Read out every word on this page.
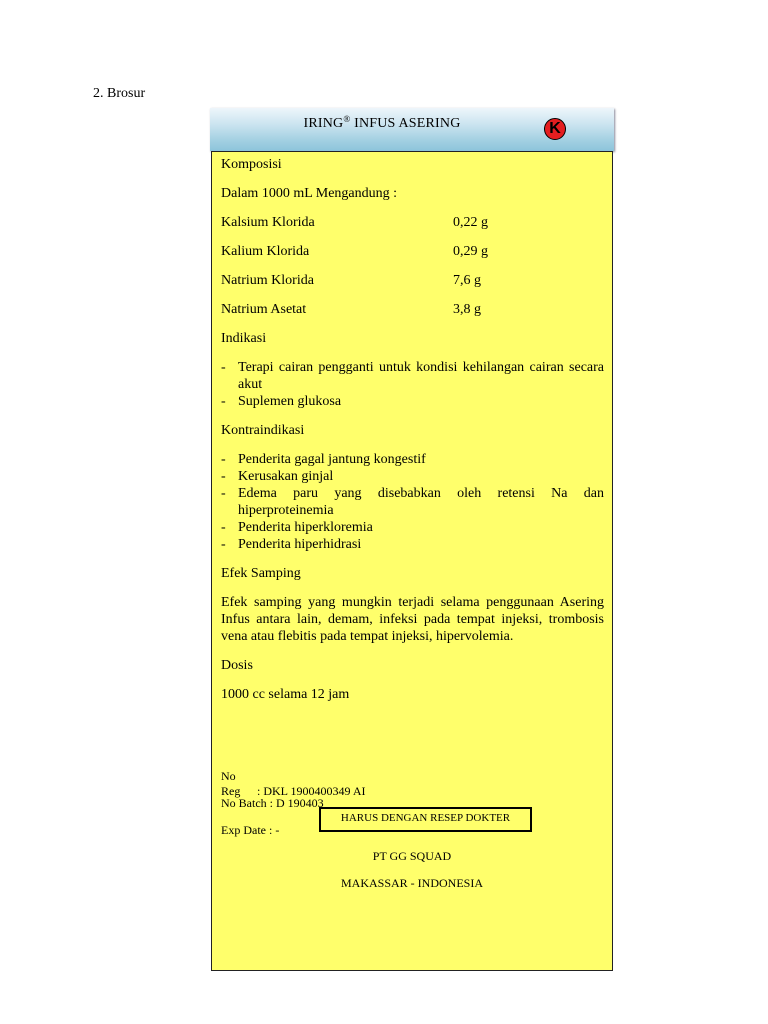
2. Brosur
IRING® INFUS ASERING	K

Komposisi

Dalam 1000 mL Mengandung :

Kalsium Klorida	0,22 g
Kalium Klorida	0,29 g
Natrium Klorida	7,6 g
Natrium Asetat	3,8 g

Indikasi

- Terapi cairan pengganti untuk kondisi kehilangan cairan secara akut
- Suplemen glukosa

Kontraindikasi

- Penderita gagal jantung kongestif
- Kerusakan ginjal
- Edema paru yang disebabkan oleh retensi Na dan hiperproteinemia
- Penderita hiperkloremia
- Penderita hiperhidrasi

Efek Samping

Efek samping yang mungkin terjadi selama penggunaan Asering Infus antara lain, demam, infeksi pada tempat injeksi, trombosis vena atau flebitis pada tempat injeksi, hipervolemia.

Dosis

1000 cc selama 12 jam

No Reg : DKL 1900400349 AI
No Batch : D 190403
Exp Date : -
HARUS DENGAN RESEP DOKTER
PT GG SQUAD
MAKASSAR - INDONESIA
